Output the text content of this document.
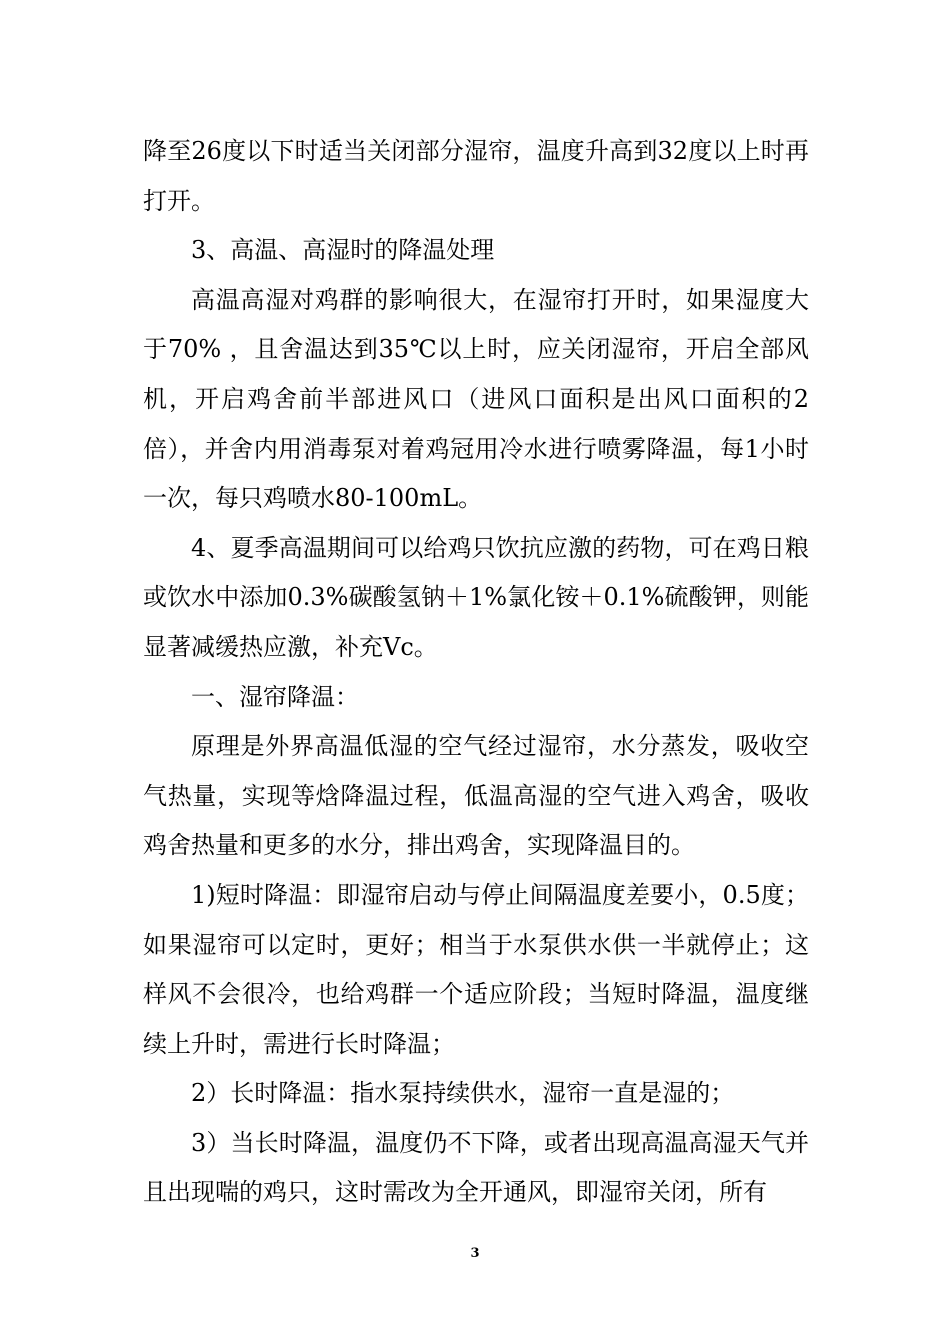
降至26度以下时适当关闭部分湿帘，温度升高到32度以上时再打开。

3、高温、高湿时的降温处理

高温高湿对鸡群的影响很大，在湿帘打开时，如果湿度大于70% ，且舍温达到35℃以上时，应关闭湿帘，开启全部风机，开启鸡舍前半部进风口（进风口面积是出风口面积的2倍），并舍内用消毒泵对着鸡冠用冷水进行喷雾降温，每1小时一次，每只鸡喷水80-100mL。

4、夏季高温期间可以给鸡只饮抗应激的药物，可在鸡日粮或饮水中添加0.3%碳酸氢钠＋1%氯化铵＋0.1%硫酸钾，则能显著减缓热应激，补充Vc。

一、湿帘降温：

原理是外界高温低湿的空气经过湿帘，水分蒸发，吸收空气热量，实现等焓降温过程，低温高湿的空气进入鸡舍，吸收鸡舍热量和更多的水分，排出鸡舍，实现降温目的。

1)短时降温：即湿帘启动与停止间隔温度差要小，0.5度；如果湿帘可以定时，更好；相当于水泵供水供一半就停止；这样风不会很冷，也给鸡群一个适应阶段；当短时降温，温度继续上升时，需进行长时降温；

2）长时降温：指水泵持续供水，湿帘一直是湿的；

3）当长时降温，温度仍不下降，或者出现高温高湿天气并且出现喘的鸡只，这时需改为全开通风，即湿帘关闭，所有

3
